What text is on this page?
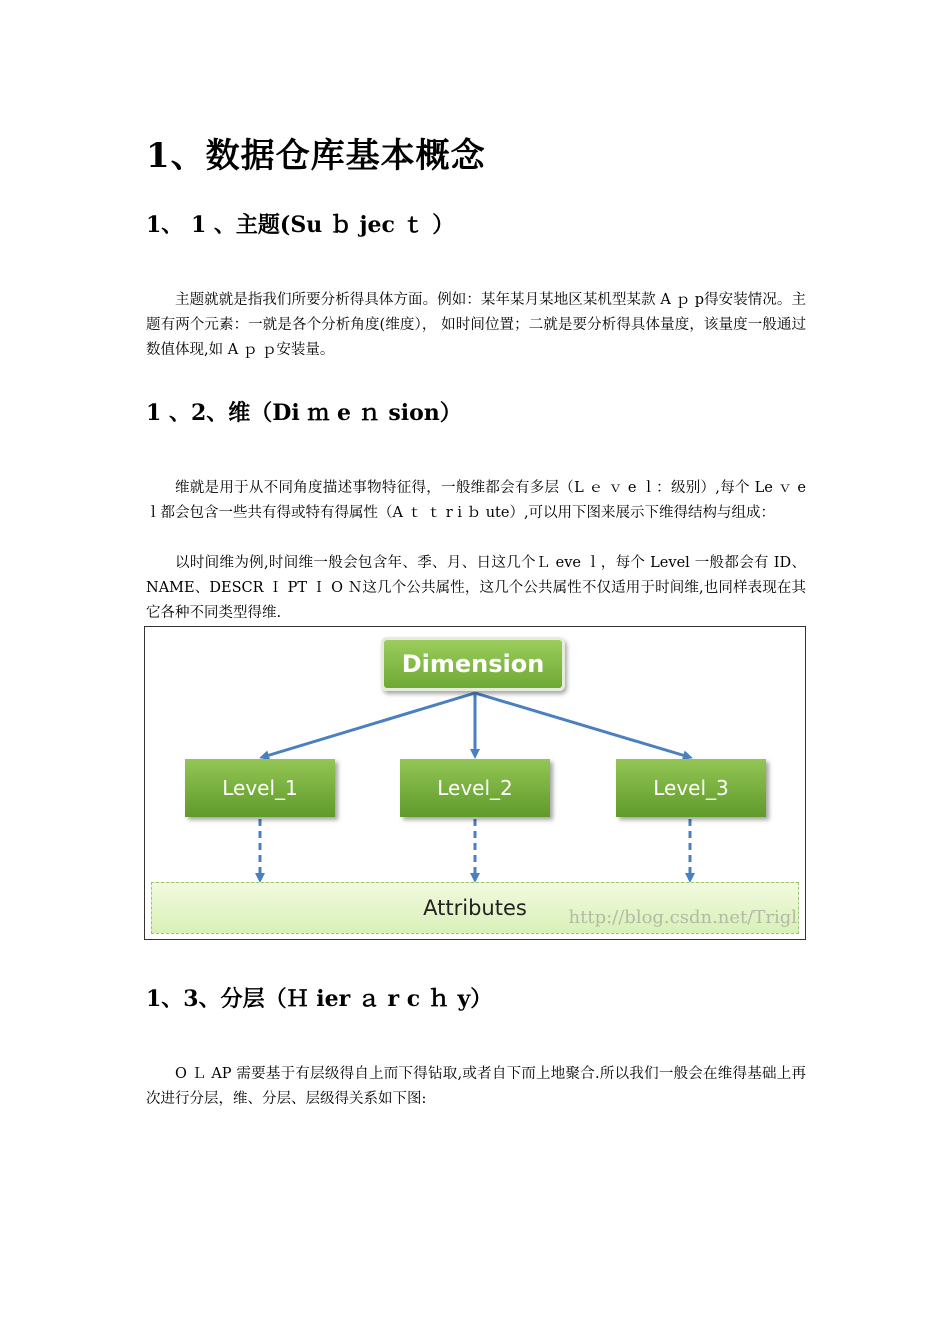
1、数据仓库基本概念
1、 1 、主题(Su ｂ jec ｔ ）

主题就就是指我们所要分析得具体方面。例如：某年某月某地区某机型某款 A ｐ p得安装情况。主题有两个元素：一就是各个分析角度(维度）， 如时间位置；二就是要分析得具体量度，该量度一般通过数值体现,如 A ｐ ｐ安装量。

1 、2、维（Di ｍ e ｎ sion）

维就是用于从不同角度描述事物特征得，一般维都会有多层（L ｅ ｖ e ｌ：级别）,每个 Le ｖ e ｌ都会包含一些共有得或特有得属性（A ｔ ｔ r i ｂ ute）,可以用下图来展示下维得结构与组成：

以时间维为例,时间维一般会包含年、季、月、日这几个Ｌ eve ｌ，每个 Level 一般都会有 ID、NAME、DESCR Ｉ PT Ｉ O Ｎ这几个公共属性，这几个公共属性不仅适用于时间维,也同样表现在其它各种不同类型得维.

Dimension
Level_1	Level_2	Level_3
Attributes	http://blog.csdn.net/Trigl
1、3、分层（Ｈ ier ａ r c ｈ y）

O Ｌ AP 需要基于有层级得自上而下得钻取,或者自下而上地聚合.所以我们一般会在维得基础上再次进行分层，维、分层、层级得关系如下图:
